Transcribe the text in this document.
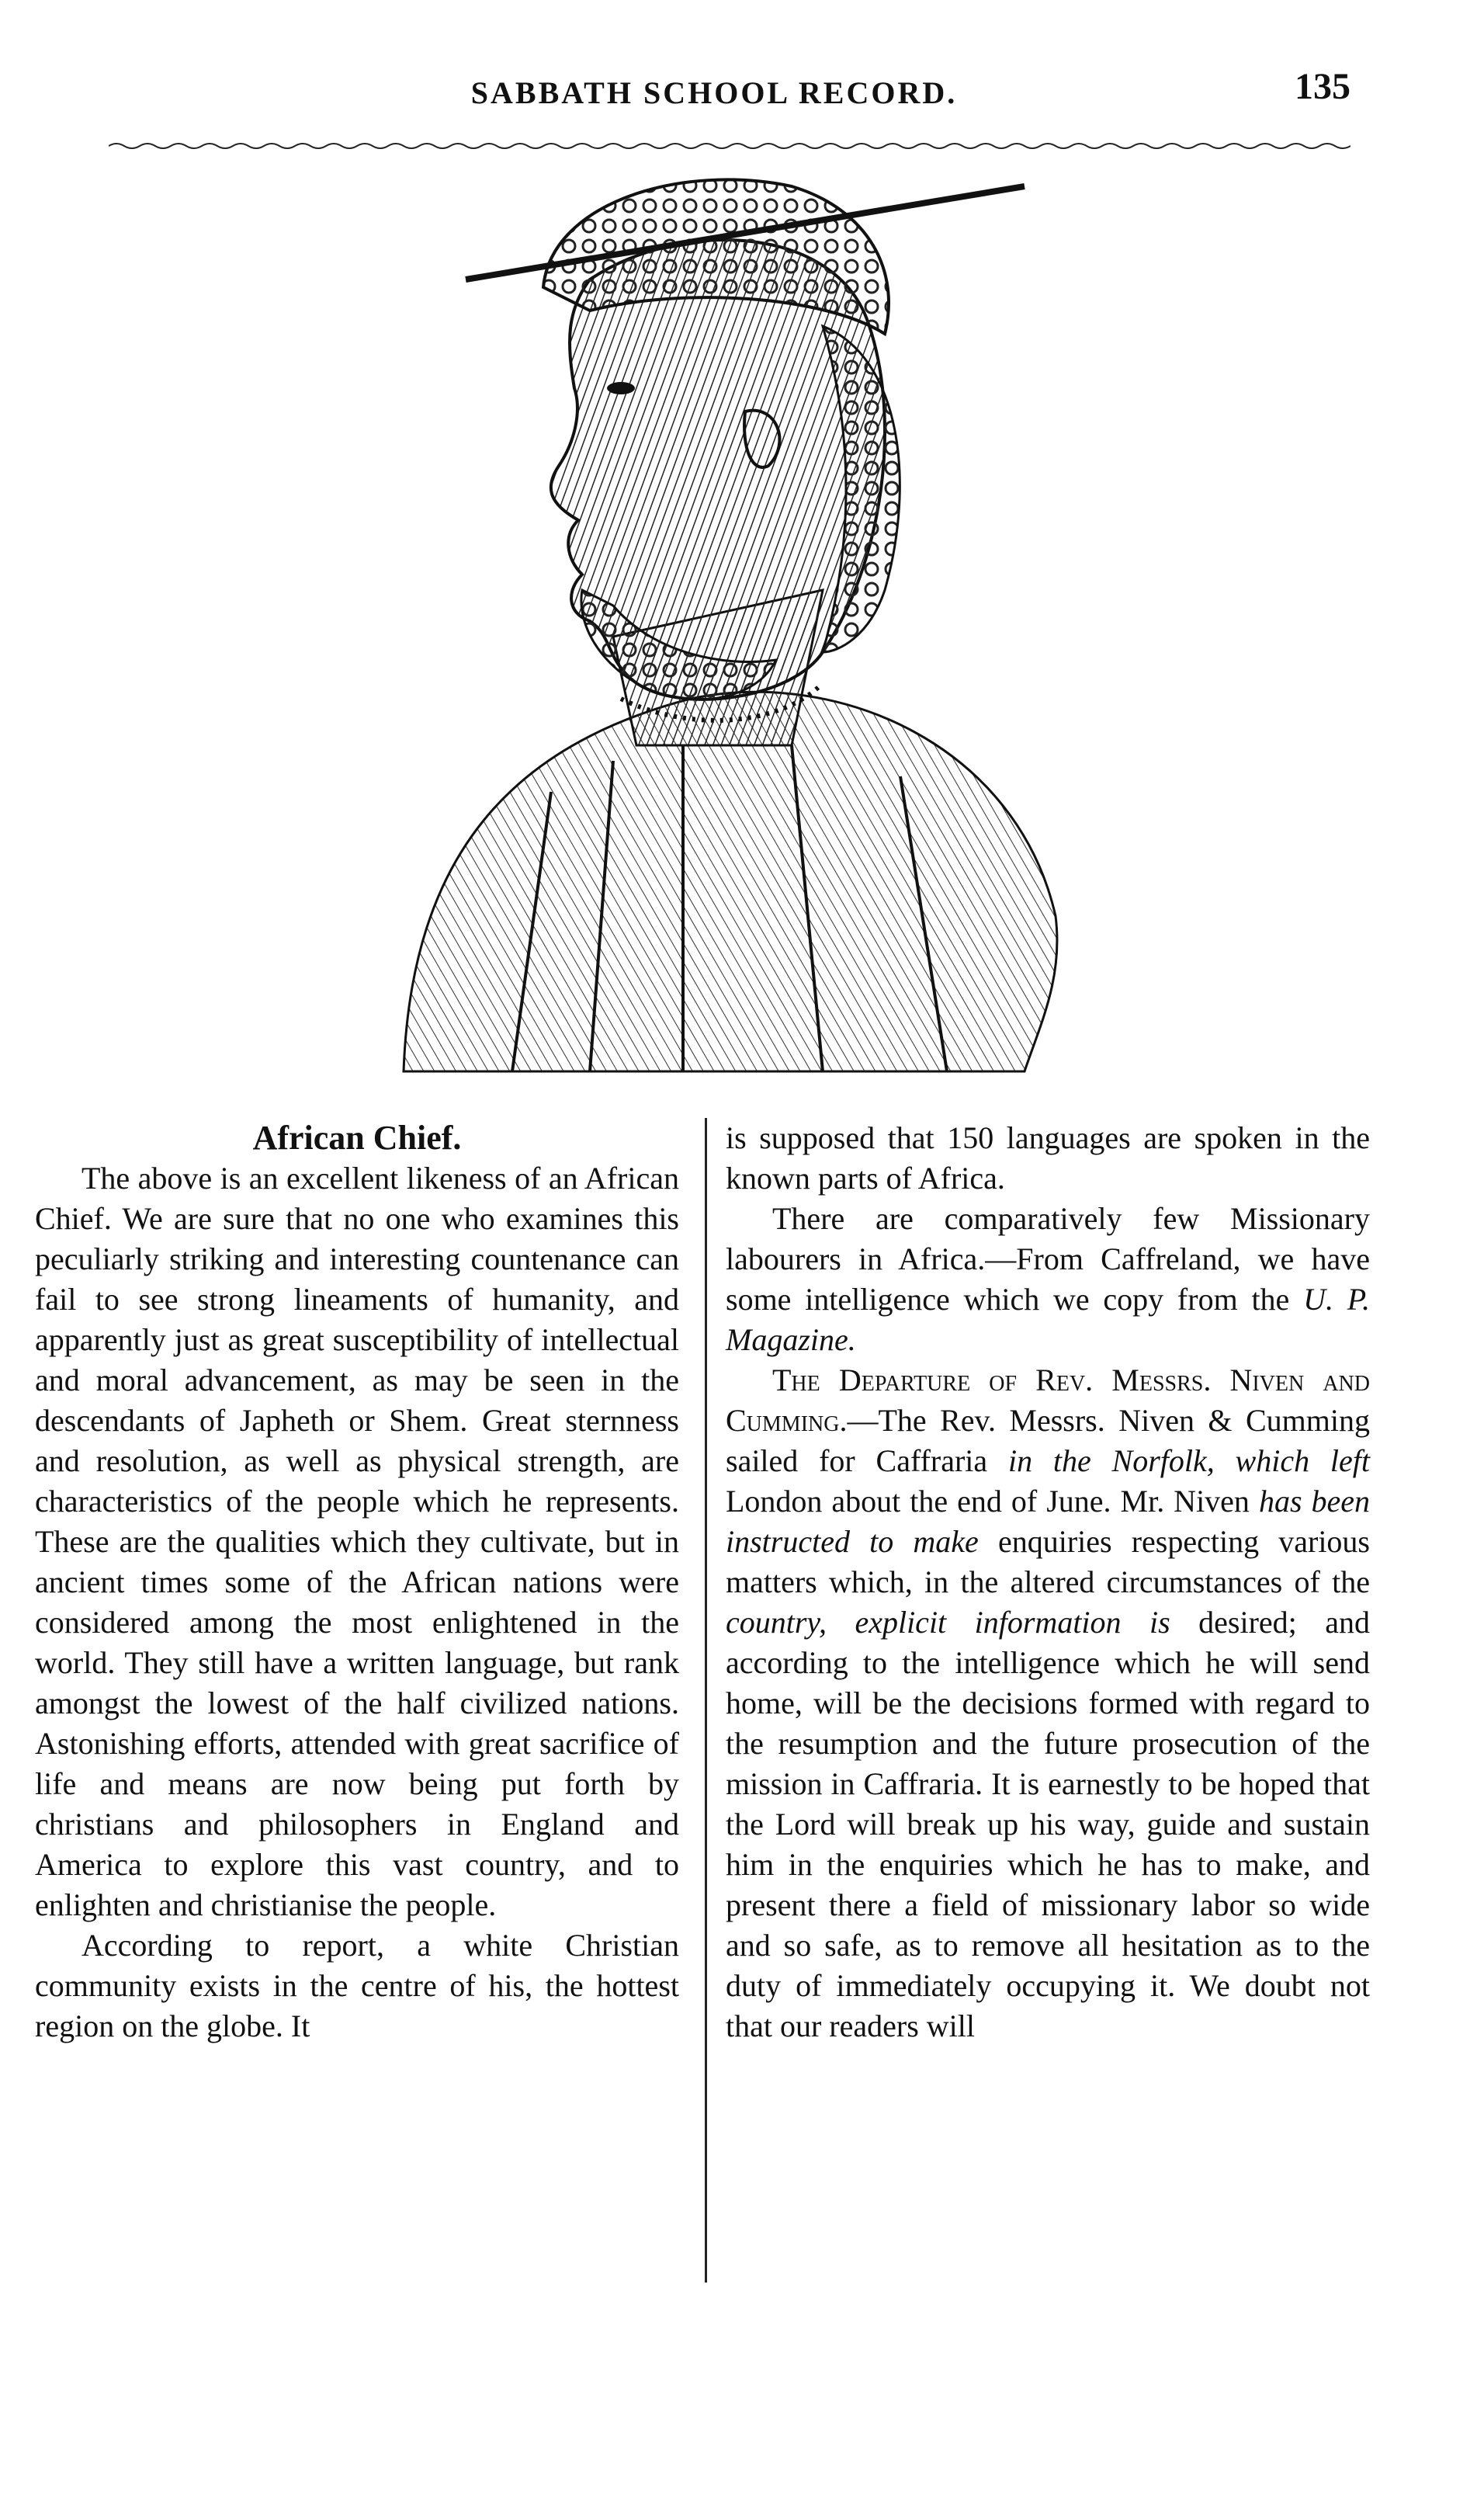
SABBATH SCHOOL RECORD.	135

African Chief.

The above is an excellent likeness of an African Chief. We are sure that no one who examines this peculiarly striking and interesting countenance can fail to see strong lineaments of humanity, and apparently just as great susceptibility of intellectual and moral advancement, as may be seen in the descendants of Japheth or Shem. Great sternness and resolution, as well as physical strength, are characteristics of the people which he represents. These are the qualities which they cultivate, but in ancient times some of the African nations were considered among the most enlightened in the world. They still have a written language, but rank amongst the lowest of the half civilized nations. Astonishing efforts, attended with great sacrifice of life and means are now being put forth by christians and philosophers in England and America to explore this vast country, and to enlighten and christianise the people.

According to report, a white Christian community exists in the centre of his, the hottest region on the globe. It

is supposed that 150 languages are spoken in the known parts of Africa.

There are comparatively few Missionary labourers in Africa.—From Caffreland, we have some intelligence which we copy from the U. P. Magazine.

The Departure of Rev. Messrs. Niven and Cumming.—The Rev. Messrs. Niven & Cumming sailed for Caffraria in the Norfolk, which left London about the end of June. Mr. Niven has been instructed to make enquiries respecting various matters which, in the altered circumstances of the country, explicit information is desired; and according to the intelligence which he will send home, will be the decisions formed with regard to the resumption and the future prosecution of the mission in Caffraria. It is earnestly to be hoped that the Lord will break up his way, guide and sustain him in the enquiries which he has to make, and present there a field of missionary labor so wide and so safe, as to remove all hesitation as to the duty of immediately occupying it. We doubt not that our readers will
